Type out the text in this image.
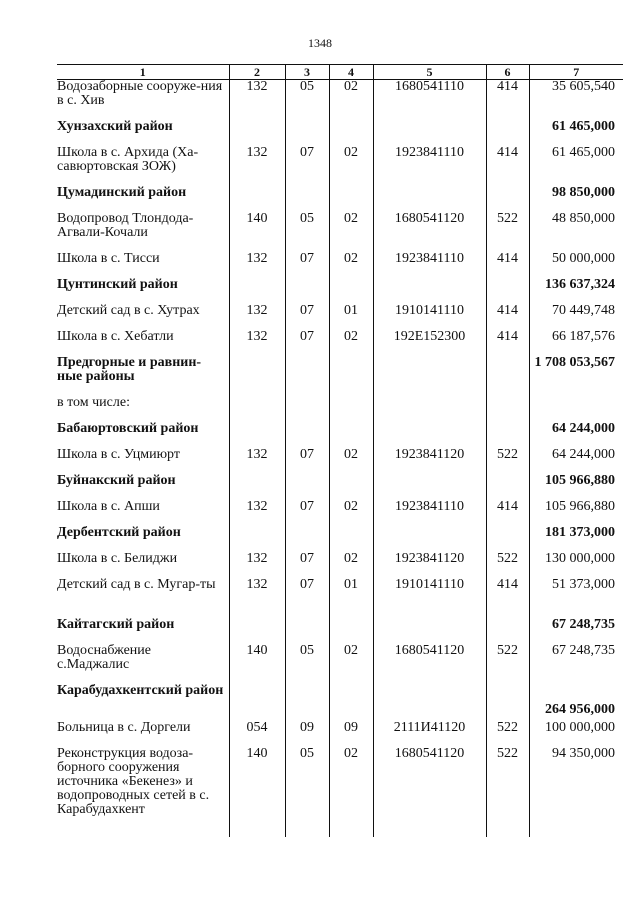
1348
1	2	3	4	5	6	7
Водозаборные сооруже-ния в с. Хив	132	05	02	1680541110	414	35 605,540
Хунзахский район						61 465,000
Школа в с. Архида (Ха-савюртовская ЗОЖ)	132	07	02	1923841110	414	61 465,000
Цумадинский район						98 850,000
Водопровод Тлондода-Агвали-Кочали	140	05	02	1680541120	522	48 850,000
Школа в с. Тисси	132	07	02	1923841110	414	50 000,000
Цунтинский район						136 637,324
Детский сад в с. Хутрах	132	07	01	1910141110	414	70 449,748
Школа в с. Хебатли	132	07	02	192Е152300	414	66 187,576
Предгорные и равнин-ные районы						1 708 053,567
в том числе:						
Бабаюртовский район						64 244,000
Школа в с. Уцмиюрт	132	07	02	1923841120	522	64 244,000
Буйнакский район						105 966,880
Школа в с. Апши	132	07	02	1923841110	414	105 966,880
Дербентский район						181 373,000
Школа в с. Белиджи	132	07	02	1923841120	522	130 000,000
Детский сад в с. Мугар-ты	132	07	01	1910141110	414	51 373,000
Кайтагский район						67 248,735
Водоснабжение с.Маджалис	140	05	02	1680541120	522	67 248,735
Карабудахкентский район						264 956,000
Больница в с. Доргели	054	09	09	2111И41120	522	100 000,000
Реконструкция водоза-борного сооружения источника «Бекенез» и водопроводных сетей в с. Карабудахкент	140	05	02	1680541120	522	94 350,000
